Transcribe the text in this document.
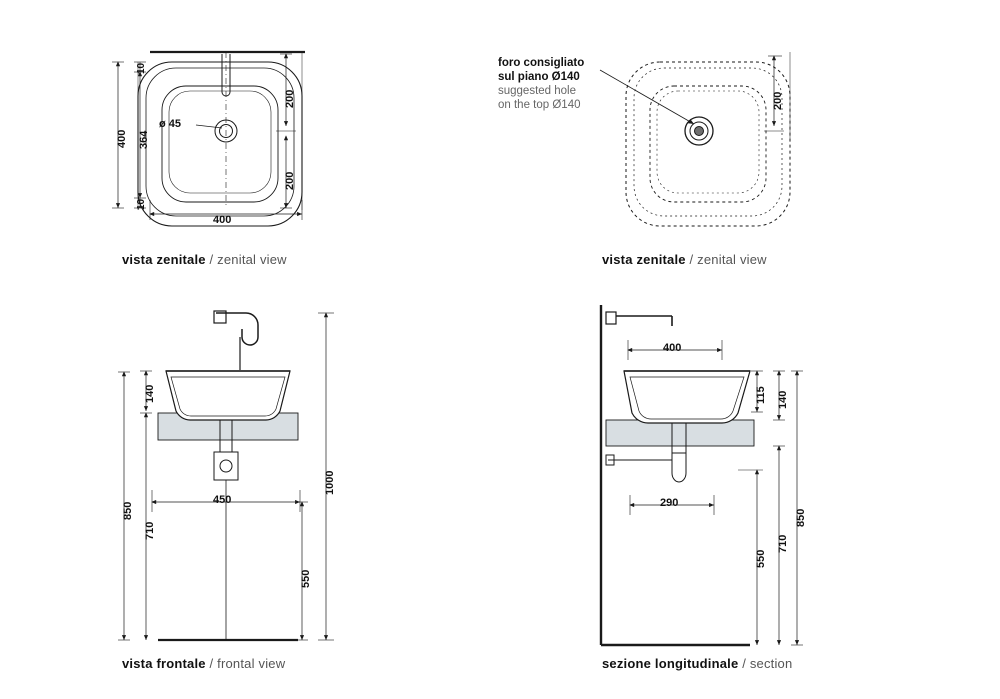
foro consigliato
sul piano Ø140
suggested hole
on the top Ø140
400
ø 45
400 364
10
10
200
200
200
850
710
140
450
550
1000
400
115 140
850
710
550
290
vista zenitale / zenital view	vista zenitale / zenital view
vista frontale / frontal view	sezione longitudinale / section
